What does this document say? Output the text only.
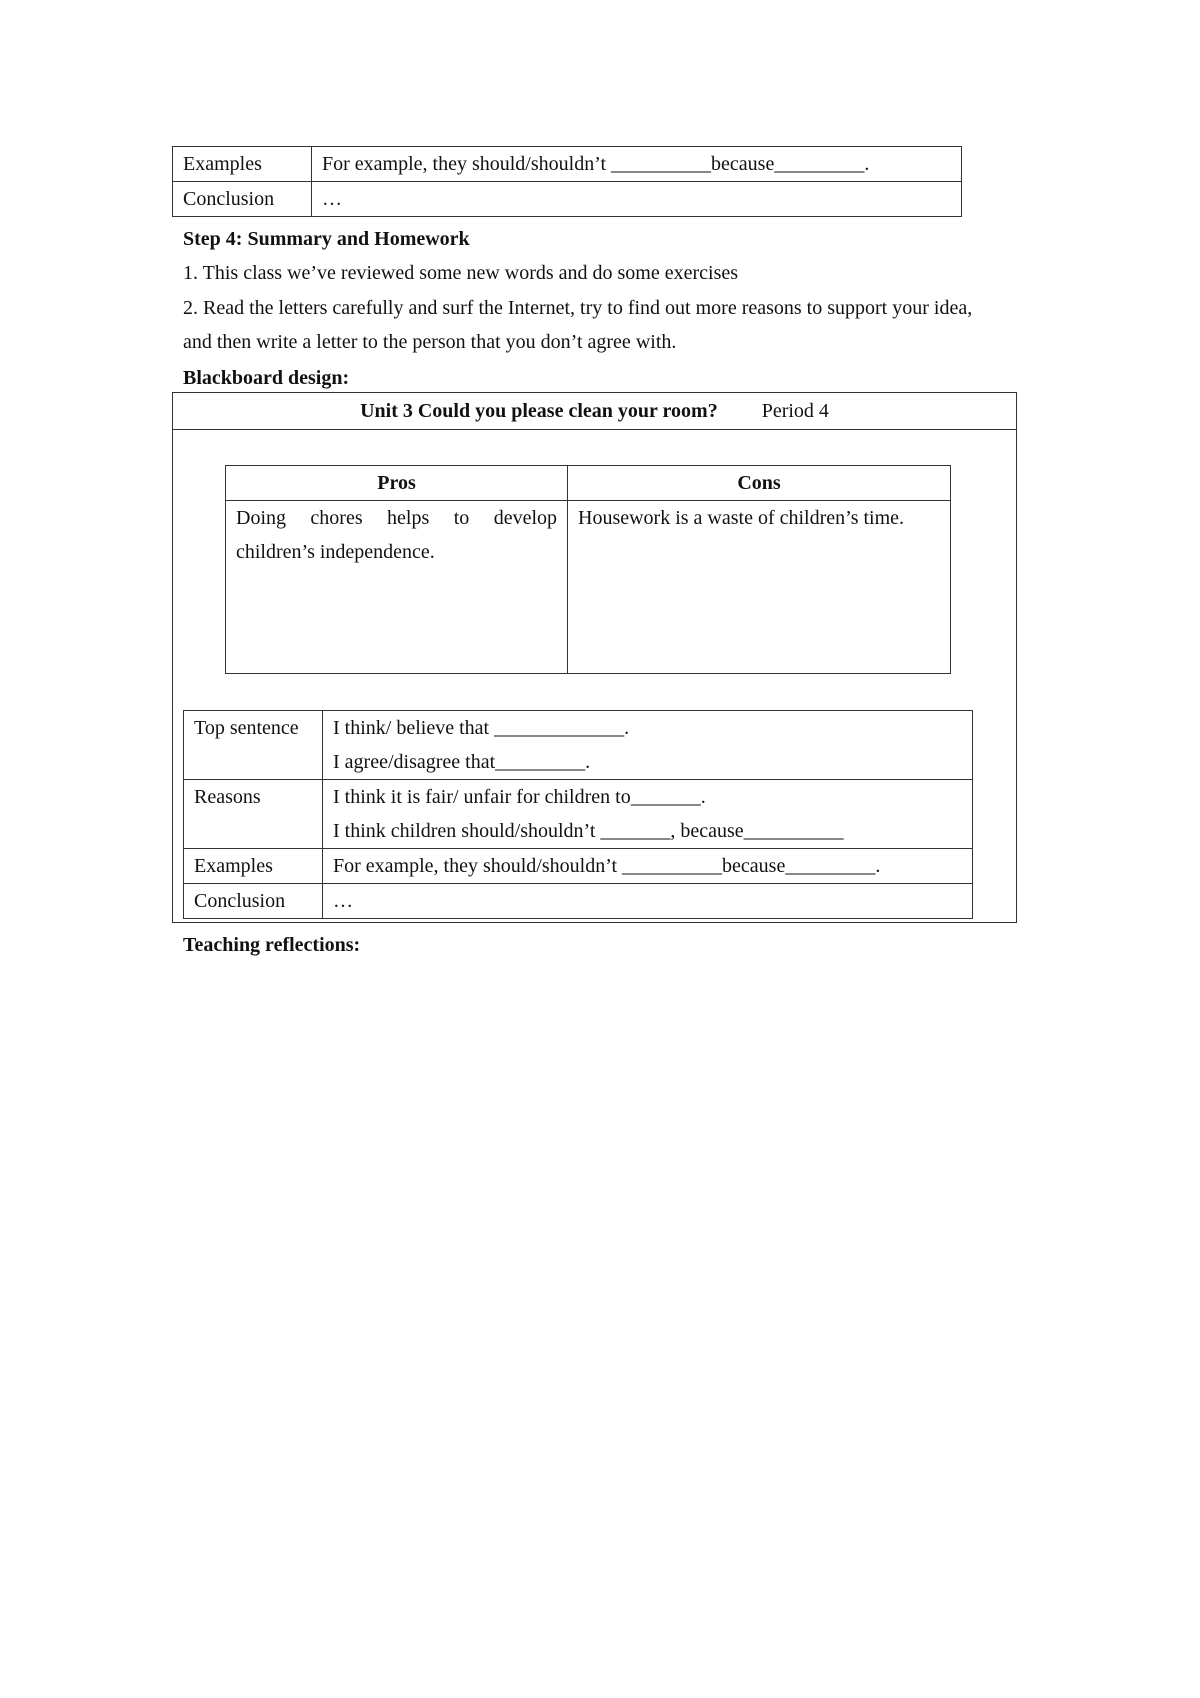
Examples	For example, they should/shouldn’t __________because_________.
Conclusion	…
Step 4: Summary and Homework
1. This class we’ve reviewed some new words and do some exercises
2. Read the letters carefully and surf the Internet, try to find out more reasons to support your idea,
and then write a letter to the person that you don’t agree with.
Blackboard design:
Unit 3 Could you please clean your room? Period 4
Pros	Cons
Doing chores helps to develop children’s independence.	Housework is a waste of children’s time.
Top sentence	I think/ believe that _____________.
I agree/disagree that_________.

Reasons	I think it is fair/ unfair for children to_______.
I think children should/shouldn’t _______, because__________

Examples	For example, they should/shouldn’t __________because_________.
Conclusion	…
Teaching reflections:
